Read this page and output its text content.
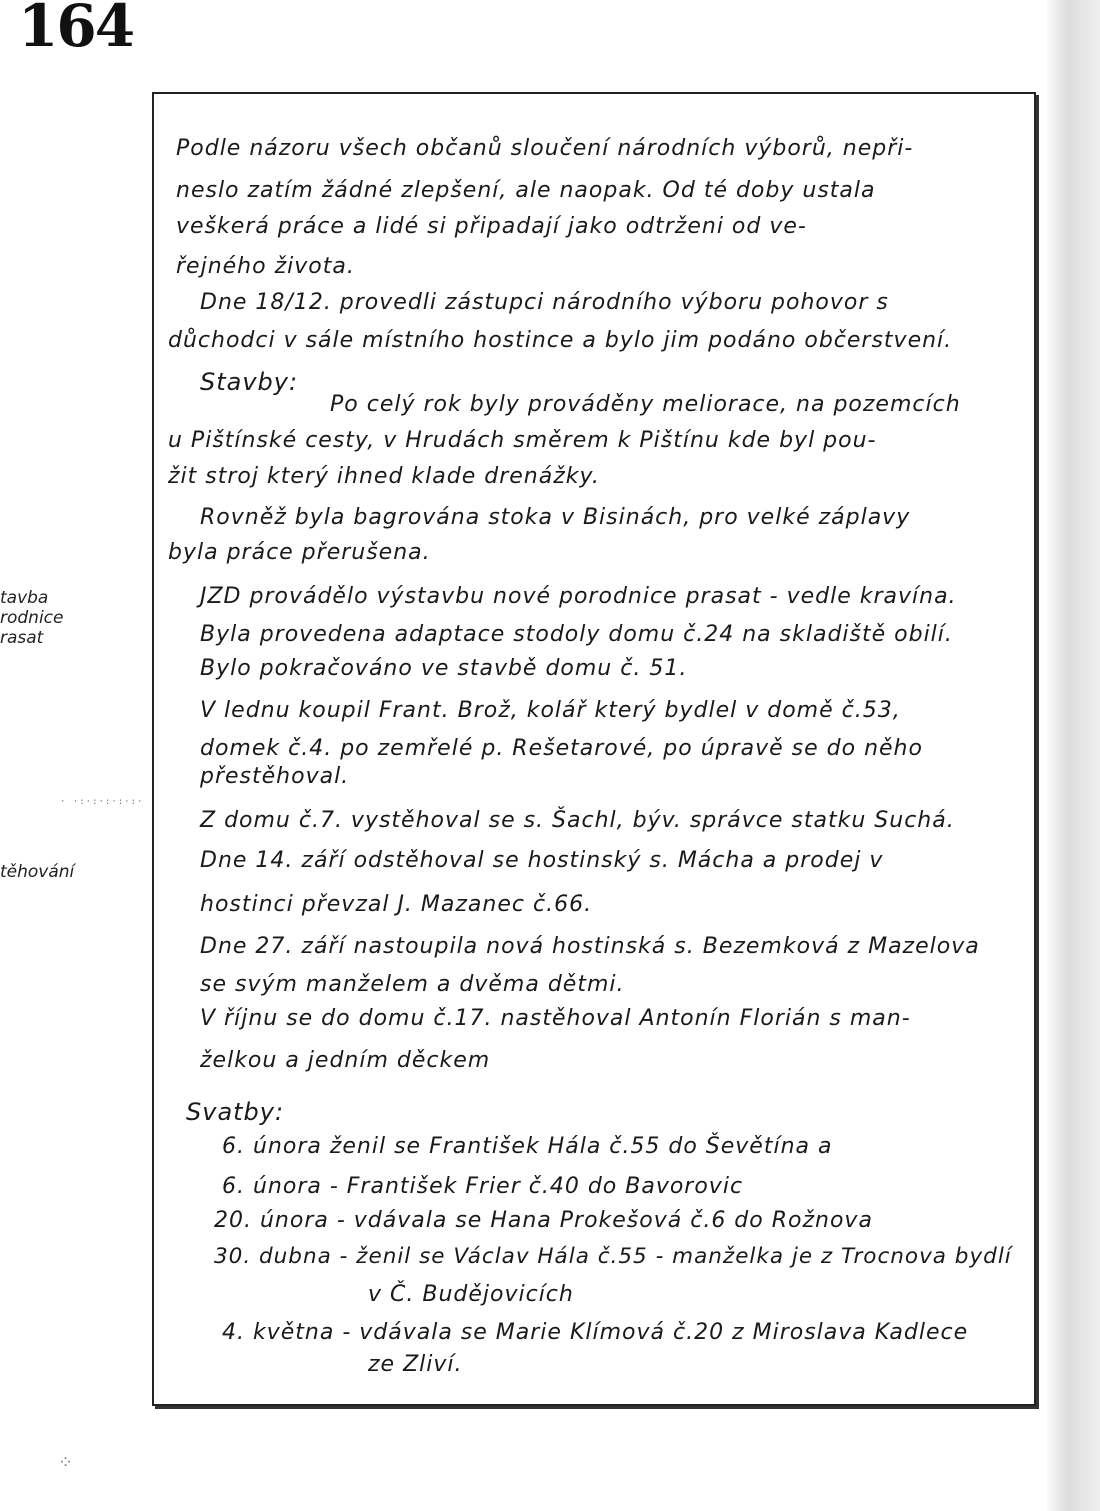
164
tavba
rodnice
rasat
těhování
· ·:·:·:·:·:·
Podle názoru všech občanů sloučení národních výborů, nepři-
neslo zatím žádné zlepšení, ale naopak. Od té doby ustala
veškerá práce a lidé si připadají jako odtrženi od ve-
řejného života.
Dne 18/12. provedli zástupci národního výboru pohovor s
důchodci v sále místního hostince a bylo jim podáno občerstvení.
Stavby:
Po celý rok byly prováděny meliorace, na pozemcích
u Pištínské cesty, v Hrudách směrem k Pištínu kde byl pou-
žit stroj který ihned klade drenážky.
Rovněž byla bagrována stoka v Bisinách, pro velké záplavy
byla práce přerušena.
JZD provádělo výstavbu nové porodnice prasat - vedle kravína.
Byla provedena adaptace stodoly domu č.24 na skladiště obilí.
Bylo pokračováno ve stavbě domu č. 51.
V lednu koupil Frant. Brož, kolář který bydlel v domě č.53,
domek č.4. po zemřelé p. Rešetarové, po úpravě se do něho
přestěhoval.
Z domu č.7. vystěhoval se s. Šachl, býv. správce statku Suchá.
Dne 14. září odstěhoval se hostinský s. Mácha a prodej v
hostinci převzal J. Mazanec č.66.
Dne 27. září nastoupila nová hostinská s. Bezemková z Mazelova
se svým manželem a dvěma dětmi.
V říjnu se do domu č.17. nastěhoval Antonín Florián s man-
želkou a jedním děckem
Svatby:
6. února ženil se František Hála č.55 do Ševětína a
6. února - František Frier č.40 do Bavorovic
20. února - vdávala se Hana Prokešová č.6 do Rožnova
30. dubna - ženil se Václav Hála č.55 - manželka je z Trocnova bydlí
v Č. Budějovicích
4. května - vdávala se Marie Klímová č.20 z Miroslava Kadlece
ze Zliví.
⁘
